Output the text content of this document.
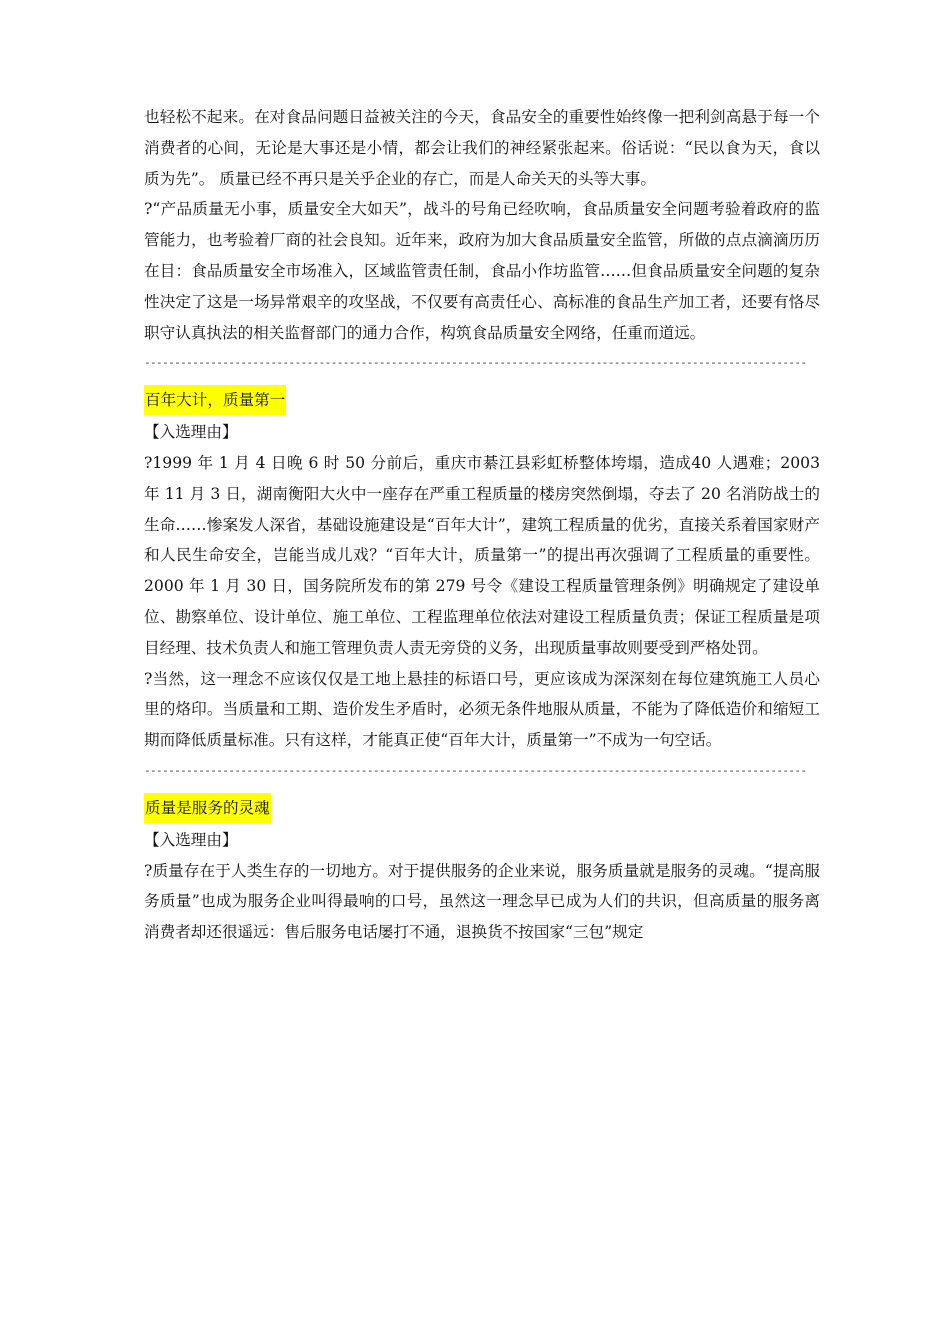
也轻松不起来。在对食品问题日益被关注的今天，食品安全的重要性始终像一把利剑高悬于每一个消费者的心间，无论是大事还是小情，都会让我们的神经紧张起来。俗话说：“民以食为天，食以质为先”。 质量已经不再只是关乎企业的存亡，而是人命关天的头等大事。

?“产品质量无小事，质量安全大如天”，战斗的号角已经吹响，食品质量安全问题考验着政府的监管能力，也考验着厂商的社会良知。近年来，政府为加大食品质量安全监管，所做的点点滴滴历历在目：食品质量安全市场准入，区域监管责任制，食品小作坊监管……但食品质量安全问题的复杂性决定了这是一场异常艰辛的攻坚战，不仅要有高责任心、高标准的食品生产加工者，还要有恪尽职守认真执法的相关监督部门的通力合作，构筑食品质量安全网络，任重而道远。

--------------------------------------------------------------------------------------------------------------
百年大计，质量第一
【入选理由】

?1999 年 1 月 4 日晚 6 时 50 分前后，重庆市綦江县彩虹桥整体垮塌，造成40 人遇难；2003 年 11 月 3 日，湖南衡阳大火中一座存在严重工程质量的楼房突然倒塌，夺去了 20 名消防战士的生命……惨案发人深省，基础设施建设是“百年大计”，建筑工程质量的优劣，直接关系着国家财产和人民生命安全，岂能当成儿戏？“百年大计，质量第一”的提出再次强调了工程质量的重要性。2000 年 1 月 30 日，国务院所发布的第 279 号令《建设工程质量管理条例》明确规定了建设单位、勘察单位、设计单位、施工单位、工程监理单位依法对建设工程质量负责；保证工程质量是项目经理、技术负责人和施工管理负责人责无旁贷的义务，出现质量事故则要受到严格处罚。

?当然，这一理念不应该仅仅是工地上悬挂的标语口号，更应该成为深深刻在每位建筑施工人员心里的烙印。当质量和工期、造价发生矛盾时，必须无条件地服从质量，不能为了降低造价和缩短工期而降低质量标准。只有这样，才能真正使“百年大计，质量第一”不成为一句空话。

--------------------------------------------------------------------------------------------------------------
质量是服务的灵魂
【入选理由】

?质量存在于人类生存的一切地方。对于提供服务的企业来说，服务质量就是服务的灵魂。“提高服务质量”也成为服务企业叫得最响的口号，虽然这一理念早已成为人们的共识，但高质量的服务离消费者却还很遥远：售后服务电话屡打不通，退换货不按国家“三包”规定
